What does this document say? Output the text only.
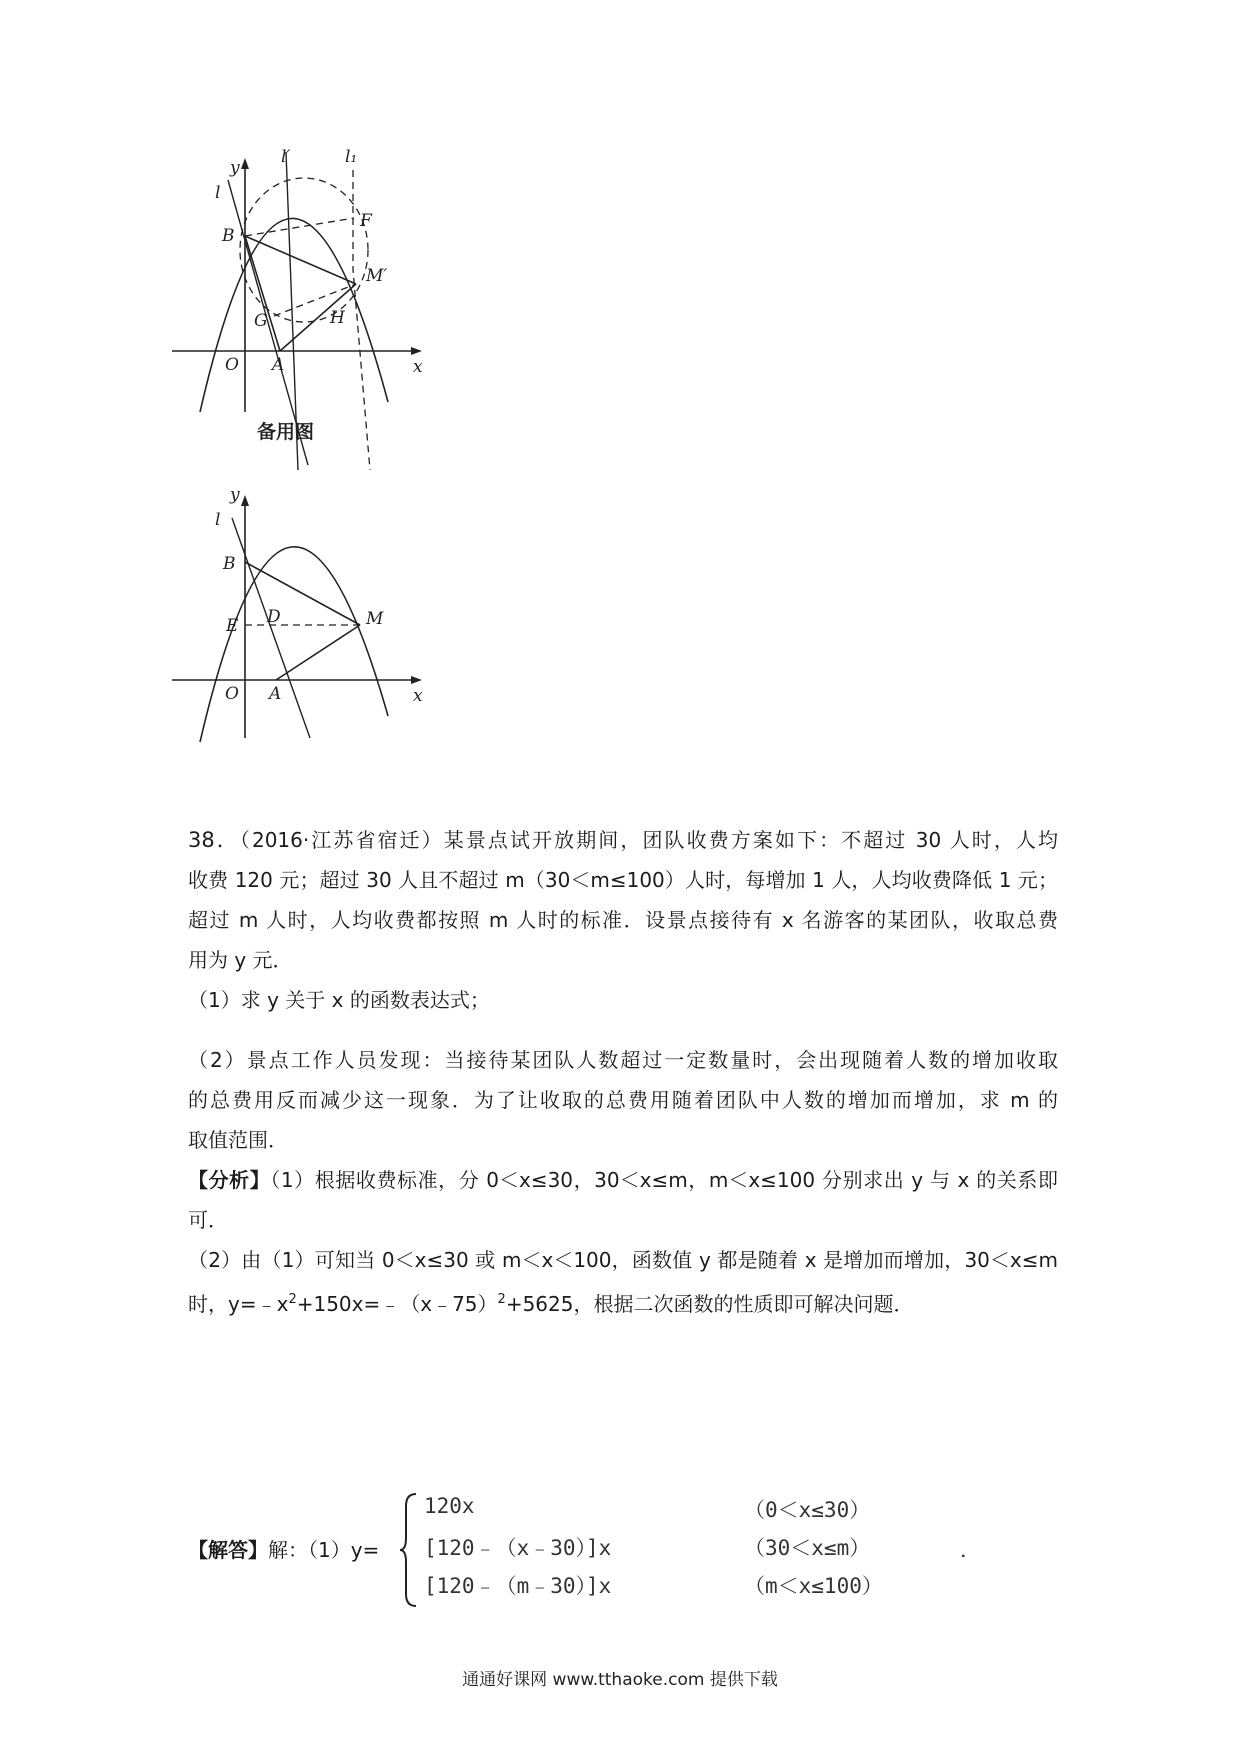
y
l′	l₁
l
B
F
M′
G	H
O A	x
备用图
y
l
B
D
E	M
O A	x
38．（2016·江苏省宿迁）某景点试开放期间，团队收费方案如下：不超过 30 人时，人均
收费 120 元；超过 30 人且不超过 m（30＜m≤100）人时，每增加 1 人，人均收费降低 1 元；
超过 m 人时，人均收费都按照 m 人时的标准．设景点接待有 x 名游客的某团队，收取总费
用为 y 元．
（1）求 y 关于 x 的函数表达式；
（2）景点工作人员发现：当接待某团队人数超过一定数量时，会出现随着人数的增加收取
的总费用反而减少这一现象．为了让收取的总费用随着团队中人数的增加而增加，求 m 的
取值范围．
【分析】（1）根据收费标准，分 0＜x≤30，30＜x≤m，m＜x≤100 分别求出 y 与 x 的关系即
可．
（2）由（1）可知当 0＜x≤30 或 m＜x＜100，函数值 y 都是随着 x 是增加而增加，30＜x≤m
时，$y=﹣x^2+150x=﹣(x﹣75)^2+5625$，根据二次函数的性质即可解决问题．
【解答】解：（1）y=
120x	（0＜x≤30）
[120﹣（x﹣30）]x	（30＜x≤m）
[120﹣（m﹣30）]x	（m＜x≤100）
．
通通好课网 www.tthaoke.com 提供下载
